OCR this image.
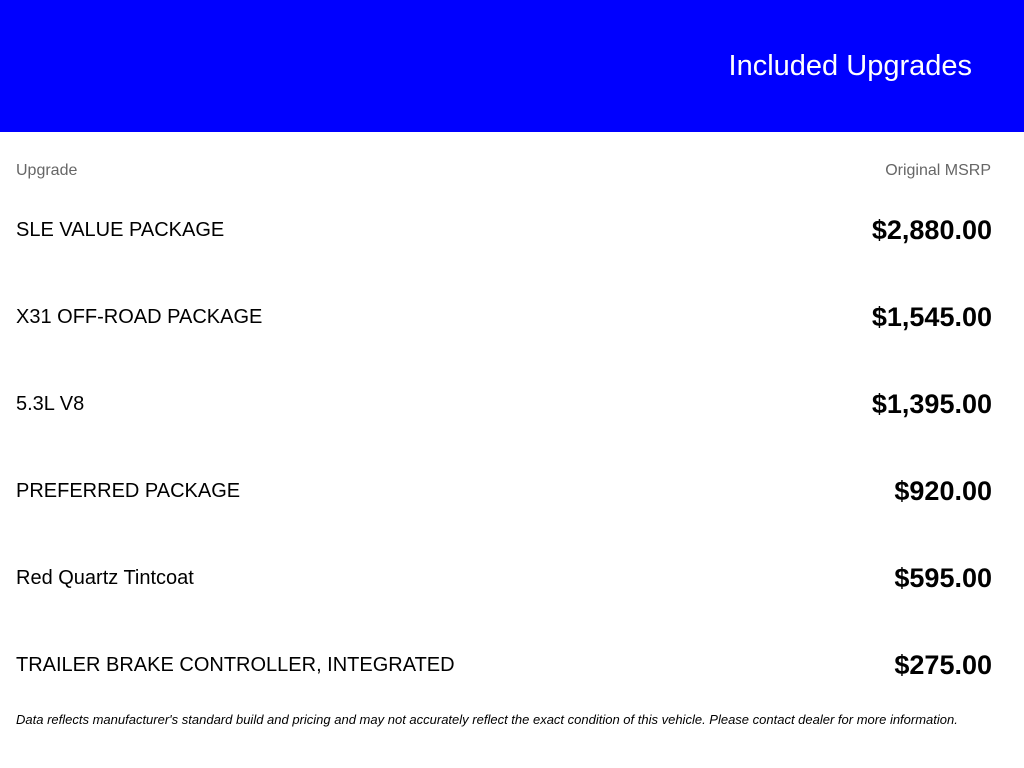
Included Upgrades
Upgrade	Original MSRP
SLE VALUE PACKAGE	$2,880.00
X31 OFF-ROAD PACKAGE	$1,545.00
5.3L V8	$1,395.00
PREFERRED PACKAGE	$920.00
Red Quartz Tintcoat	$595.00
TRAILER BRAKE CONTROLLER, INTEGRATED	$275.00
Data reflects manufacturer's standard build and pricing and may not accurately reflect the exact condition of this vehicle. Please contact dealer for more information.
